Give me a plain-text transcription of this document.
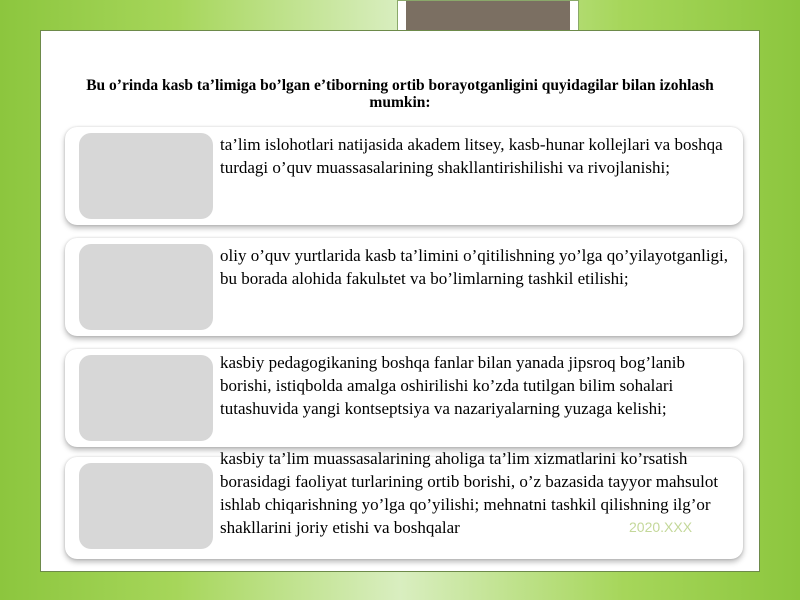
Bu o’rinda kasb ta’limiga bo’lgan e’tiborning ortib borayotganligini quyidagilar bilan izohlash mumkin:
ta’lim islohotlari natijasida akadem litsey, kasb-hunar kollejlari va boshqa turdagi o’quv muassasalarining shakllantirishilishi va rivojlanishi;
oliy o’quv yurtlarida kasb ta’limini o’qitilishning yo’lga qo’yilayotganligi, bu borada alohida fakulьtet va bo’limlarning tashkil etilishi;
kasbiy pedagogikaning boshqa fanlar bilan yanada jipsroq bog’lanib borishi, istiqbolda amalga oshirilishi ko’zda tutilgan bilim sohalari tutashuvida yangi kontseptsiya va nazariyalarning yuzaga kelishi;
kasbiy ta’lim muassasalarining aholiga ta’lim xizmatlarini ko’rsatish borasidagi faoliyat turlarining ortib borishi, o’z bazasida tayyor mahsulot ishlab chiqarishning yo’lga qo’yilishi; mehnatni tashkil qilishning ilg’or shakllarini joriy etishi va boshqalar	2020.XXX
